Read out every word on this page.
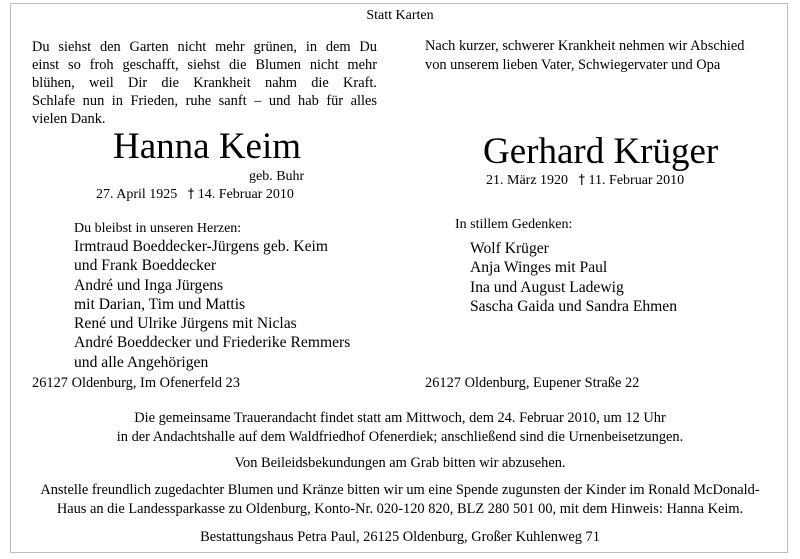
Statt Karten
Du siehst den Garten nicht mehr grünen, in dem Du
einst so froh geschafft, siehst die Blumen nicht mehr
blühen, weil Dir die Krankheit nahm die Kraft.
Schlafe nun in Frieden, ruhe sanft – und hab für alles
vielen Dank.
Nach kurzer, schwerer Krankheit nehmen wir Abschied
von unserem lieben Vater, Schwiegervater und Opa
Hanna Keim
geb. Buhr
27. April 1925 † 14. Februar 2010
Du bleibst in unseren Herzen:
Irmtraud Boeddecker-Jürgens geb. Keim
und Frank Boeddecker
André und Inga Jürgens
mit Darian, Tim und Mattis
René und Ulrike Jürgens mit Niclas
André Boeddecker und Friederike Remmers
und alle Angehörigen
26127 Oldenburg, Im Ofenerfeld 23
Gerhard Krüger
21. März 1920 † 11. Februar 2010
In stillem Gedenken:
Wolf Krüger
Anja Winges mit Paul
Ina und August Ladewig
Sascha Gaida und Sandra Ehmen
26127 Oldenburg, Eupener Straße 22
Die gemeinsame Trauerandacht findet statt am Mittwoch, dem 24. Februar 2010, um 12 Uhr
in der Andachtshalle auf dem Waldfriedhof Ofenerdiek; anschließend sind die Urnenbeisetzungen.
Von Beileidsbekundungen am Grab bitten wir abzusehen.
Anstelle freundlich zugedachter Blumen und Kränze bitten wir um eine Spende zugunsten der Kinder im Ronald McDonald-
Haus an die Landessparkasse zu Oldenburg, Konto-Nr. 020-120 820, BLZ 280 501 00, mit dem Hinweis: Hanna Keim.
Bestattungshaus Petra Paul, 26125 Oldenburg, Großer Kuhlenweg 71
